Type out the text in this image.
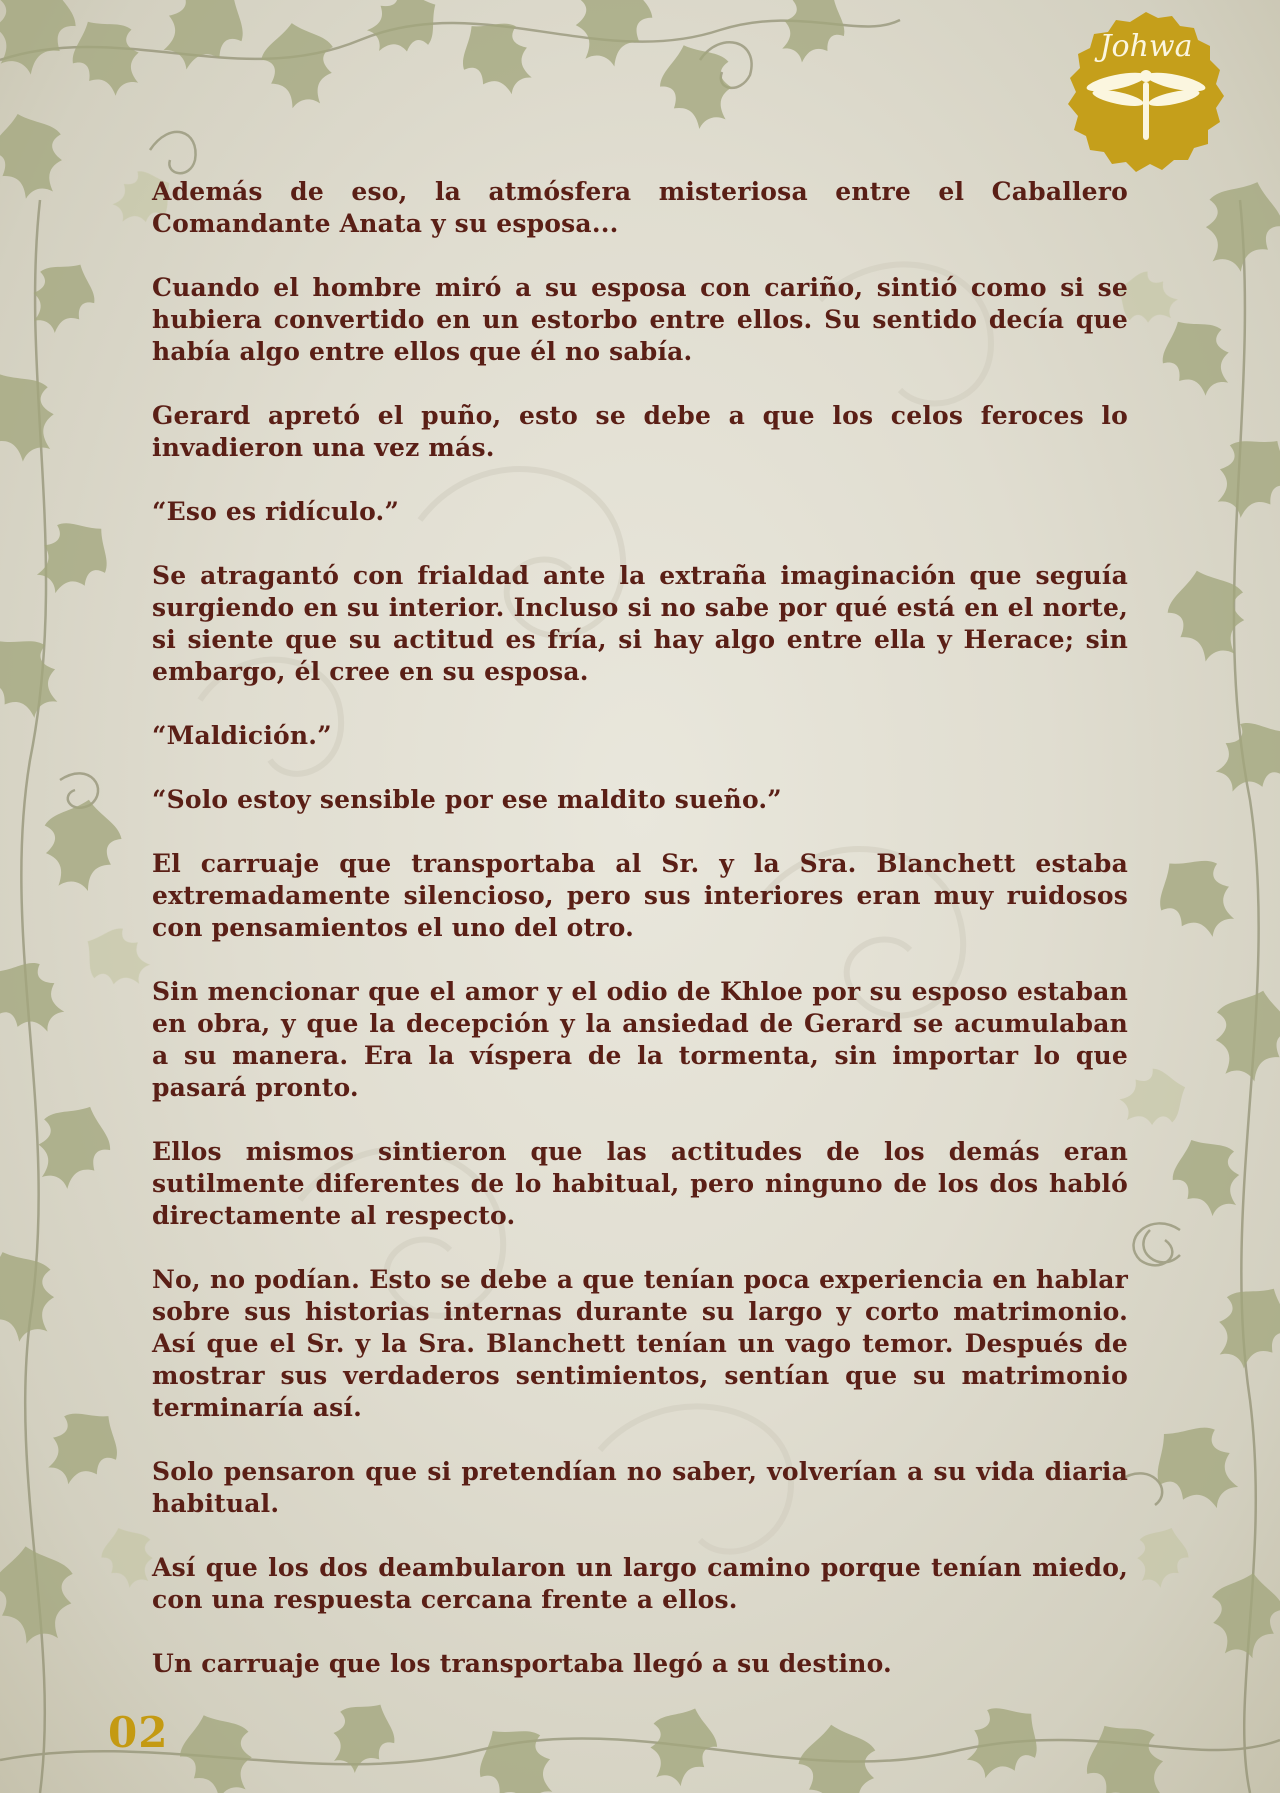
Johwa

Además de eso, la atmósfera misteriosa entre el Caballero Comandante Anata y su esposa...

Cuando el hombre miró a su esposa con cariño, sintió como si se hubiera convertido en un estorbo entre ellos. Su sentido decía que había algo entre ellos que él no sabía.

Gerard apretó el puño, esto se debe a que los celos feroces lo invadieron una vez más.

“Eso es ridículo.”

Se atragantó con frialdad ante la extraña imaginación que seguía surgiendo en su interior. Incluso si no sabe por qué está en el norte, si siente que su actitud es fría, si hay algo entre ella y Herace; sin embargo, él cree en su esposa.

“Maldición.”

“Solo estoy sensible por ese maldito sueño.”

El carruaje que transportaba al Sr. y la Sra. Blanchett estaba extremadamente silencioso, pero sus interiores eran muy ruidosos con pensamientos el uno del otro.

Sin mencionar que el amor y el odio de Khloe por su esposo estaban en obra, y que la decepción y la ansiedad de Gerard se acumulaban a su manera. Era la víspera de la tormenta, sin importar lo que pasará pronto.

Ellos mismos sintieron que las actitudes de los demás eran sutilmente diferentes de lo habitual, pero ninguno de los dos habló directamente al respecto.

No, no podían. Esto se debe a que tenían poca experiencia en hablar sobre sus historias internas durante su largo y corto matrimonio. Así que el Sr. y la Sra. Blanchett tenían un vago temor. Después de mostrar sus verdaderos sentimientos, sentían que su matrimonio terminaría así.

Solo pensaron que si pretendían no saber, volverían a su vida diaria habitual.

Así que los dos deambularon un largo camino porque tenían miedo, con una respuesta cercana frente a ellos.

Un carruaje que los transportaba llegó a su destino.

02
